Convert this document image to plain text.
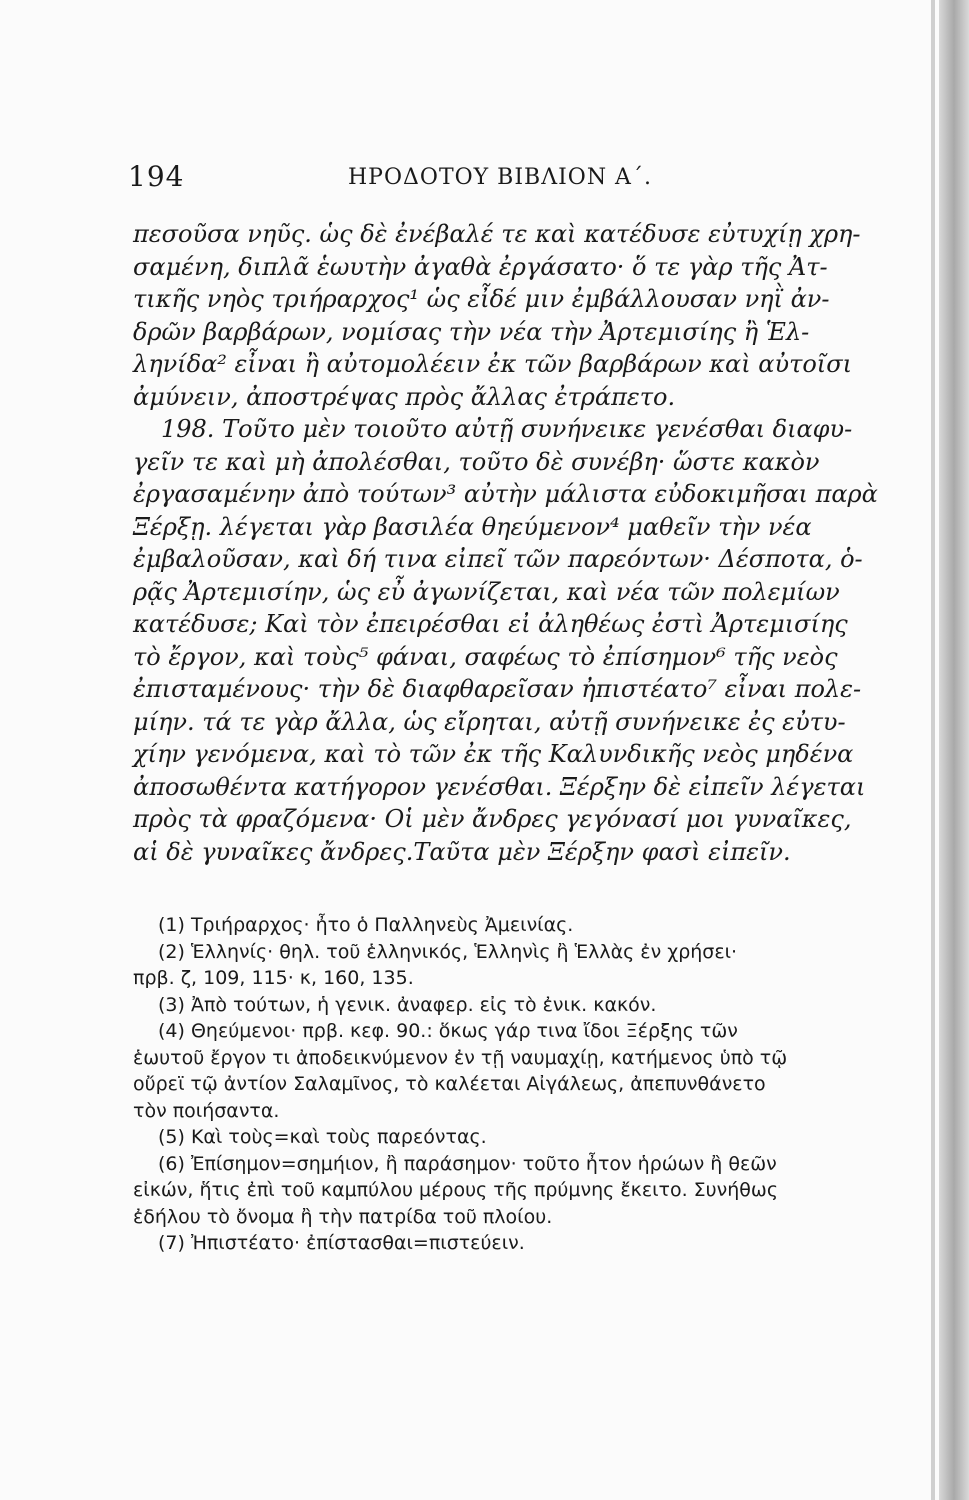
194	ΗΡΟΔΟΤΟΥ ΒΙΒΛΙΟΝ Α΄.
πεσοῦσα νηῦς. ὡς δὲ ἐνέβαλέ τε καὶ κατέδυσε εὐτυχίῃ χρη-
σαμένη, διπλᾶ ἑωυτὴν ἀγαθὰ ἐργάσατο· ὅ τε γὰρ τῆς Ἀτ-
τικῆς νηὸς τριήραρχος¹ ὡς εἶδέ μιν ἐμβάλλουσαν νηῒ ἀν-
δρῶν βαρβάρων, νομίσας τὴν νέα τὴν Ἀρτεμισίης ἢ Ἑλ-
ληνίδα² εἶναι ἢ αὐτομολέειν ἐκ τῶν βαρβάρων καὶ αὐτοῖσι
ἀμύνειν, ἀποστρέψας πρὸς ἄλλας ἐτράπετο.
198. Τοῦτο μὲν τοιοῦτο αὐτῇ συνήνεικε γενέσθαι διαφυ-
γεῖν τε καὶ μὴ ἀπολέσθαι, τοῦτο δὲ συνέβη· ὥστε κακὸν
ἐργασαμένην ἀπὸ τούτων³ αὐτὴν μάλιστα εὐδοκιμῆσαι παρὰ
Ξέρξῃ. λέγεται γὰρ βασιλέα θηεύμενον⁴ μαθεῖν τὴν νέα
ἐμβαλοῦσαν, καὶ δή τινα εἰπεῖ τῶν παρεόντων· Δέσποτα, ὁ-
ρᾷς Ἀρτεμισίην, ὡς εὖ ἀγωνίζεται, καὶ νέα τῶν πολεμίων
κατέδυσε; Καὶ τὸν ἐπειρέσθαι εἰ ἀληθέως ἐστὶ Ἀρτεμισίης
τὸ ἔργον, καὶ τοὺς⁵ φάναι, σαφέως τὸ ἐπίσημον⁶ τῆς νεὸς
ἐπισταμένους· τὴν δὲ διαφθαρεῖσαν ἠπιστέατο⁷ εἶναι πολε-
μίην. τά τε γὰρ ἄλλα, ὡς εἴρηται, αὐτῇ συνήνεικε ἐς εὐτυ-
χίην γενόμενα, καὶ τὸ τῶν ἐκ τῆς Καλυνδικῆς νεὸς μηδένα
ἀποσωθέντα κατήγορον γενέσθαι. Ξέρξην δὲ εἰπεῖν λέγεται
πρὸς τὰ φραζόμενα· Οἱ μὲν ἄνδρες γεγόνασί μοι γυναῖκες,
αἱ δὲ γυναῖκες ἄνδρες.Ταῦτα μὲν Ξέρξην φασὶ εἰπεῖν.
(1) Τριήραρχος· ἦτο ὁ Παλληνεὺς Ἀμεινίας.
(2) Ἑλληνίς· θηλ. τοῦ ἑλληνικός, Ἑλληνὶς ἢ Ἑλλὰς ἐν χρήσει·
πρβ. ζ, 109, 115· κ, 160, 135.
(3) Ἀπὸ τούτων, ἡ γενικ. ἀναφερ. εἰς τὸ ἐνικ. κακόν.
(4) Θηεύμενοι· πρβ. κεφ. 90.: ὅκως γάρ τινα ἴδοι Ξέρξης τῶν
ἑωυτοῦ ἔργον τι ἀποδεικνύμενον ἐν τῇ ναυμαχίῃ, κατήμενος ὑπὸ τῷ
οὔρεϊ τῷ ἀντίον Σαλαμῖνος, τὸ καλέεται Αἰγάλεως, ἀπεπυνθάνετο
τὸν ποιήσαντα.
(5) Καὶ τοὺς=καὶ τοὺς παρεόντας.
(6) Ἐπίσημον=σημήιον, ἢ παράσημον· τοῦτο ἦτον ἡρώων ἢ θεῶν
εἰκών, ἥτις ἐπὶ τοῦ καμπύλου μέρους τῆς πρύμνης ἔκειτο. Συνήθως
ἐδήλου τὸ ὄνομα ἢ τὴν πατρίδα τοῦ πλοίου.
(7) Ἠπιστέατο· ἐπίστασθαι=πιστεύειν.
